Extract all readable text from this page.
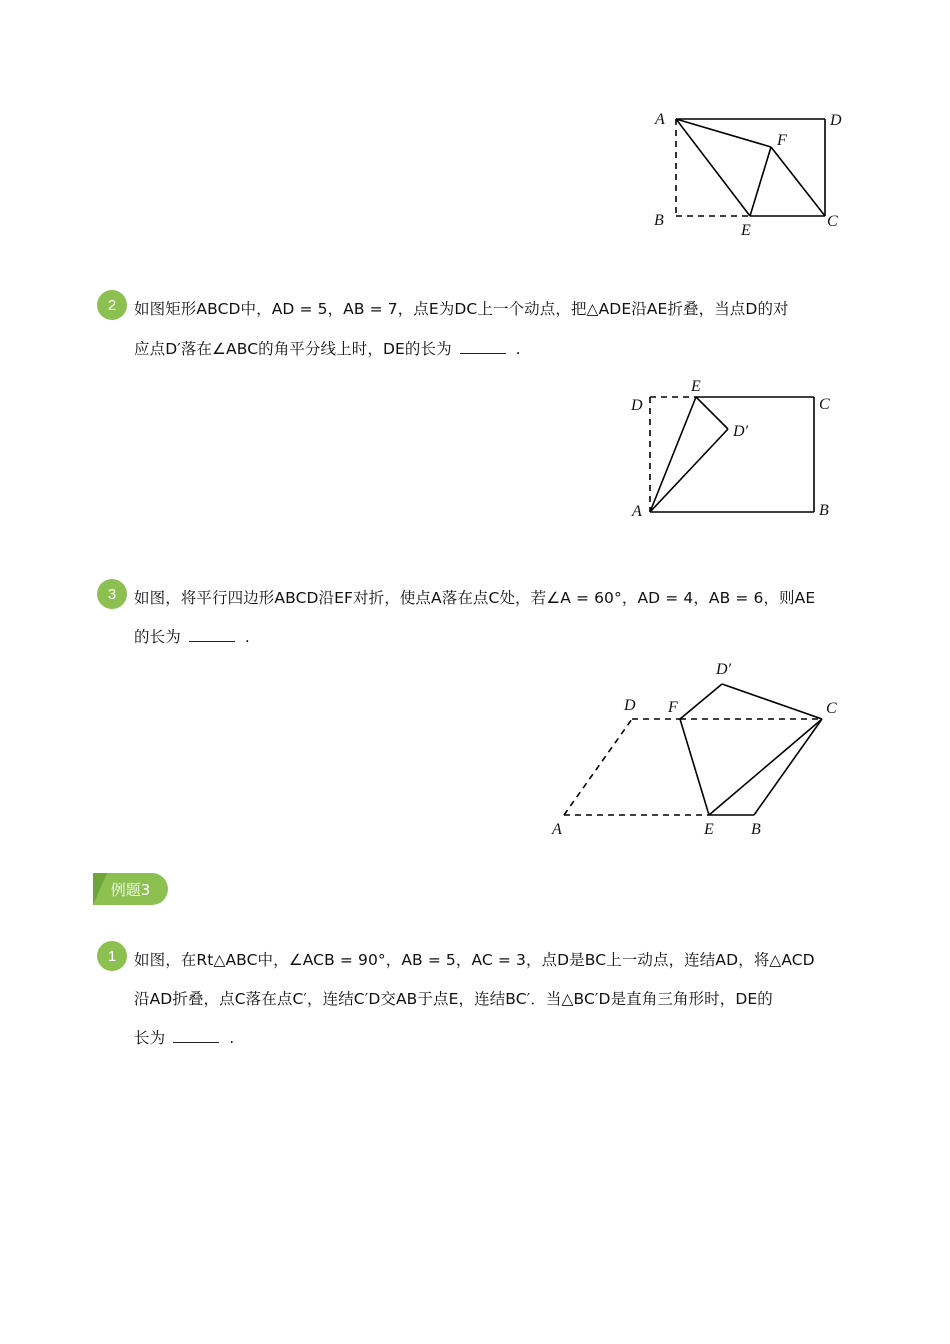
A	D
F
B
E
C
2	如图矩形ABCD中，AD = 5，AB = 7，点E为DC上一个动点，把△ADE沿AE折叠，当点D的对
应点D′落在∠ABC的角平分线上时，DE的长为	.
E
D	C
D′
A	B
3	如图，将平行四边形ABCD沿EF对折，使点A落在点C处，若∠A = 60°，AD = 4，AB = 6，则AE
的长为	.
D′
D F	C
A	E B
例题3
1	如图，在Rt△ABC中，∠ACB = 90°，AB = 5，AC = 3，点D是BC上一动点，连结AD，将△ACD
沿AD折叠，点C落在点C′，连结C′D交AB于点E，连结BC′．当△BC′D是直角三角形时，DE的
长为	.
